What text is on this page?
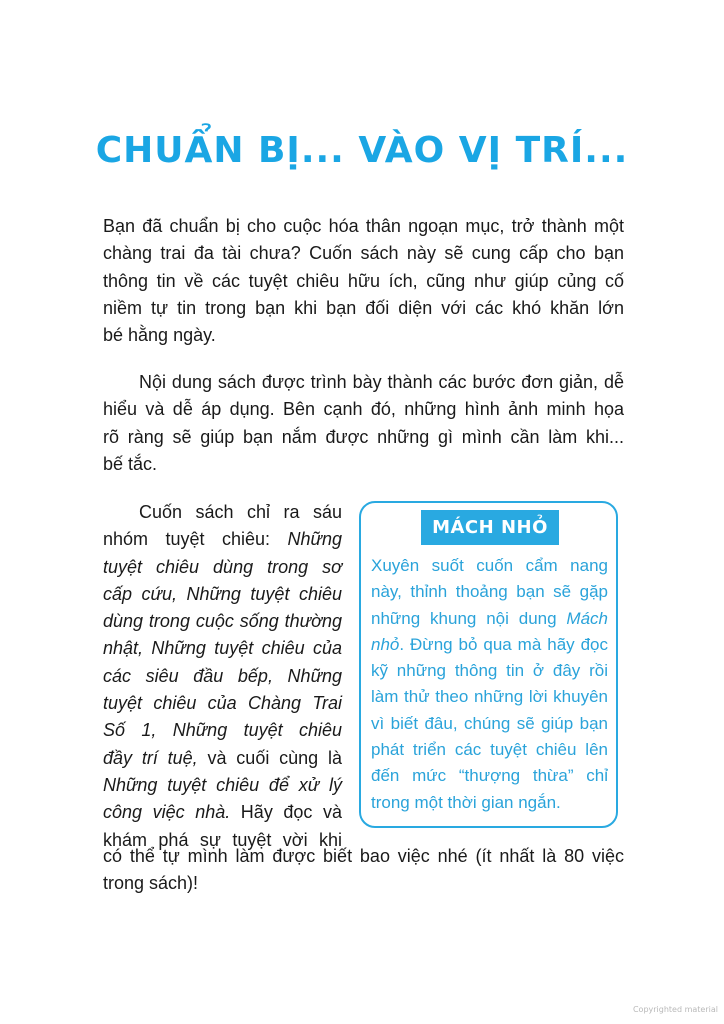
CHUẨN BỊ... VÀO VỊ TRÍ...
Bạn đã chuẩn bị cho cuộc hóa thân ngoạn mục, trở thành một
chàng trai đa tài chưa? Cuốn sách này sẽ cung cấp cho bạn
thông tin về các tuyệt chiêu hữu ích, cũng như giúp củng cố
niềm tự tin trong bạn khi bạn đối diện với các khó khăn lớn
bé hằng ngày.
Nội dung sách được trình bày thành các bước đơn giản, dễ
hiểu và dễ áp dụng. Bên cạnh đó, những hình ảnh minh họa
rõ ràng sẽ giúp bạn nắm được những gì mình cần làm khi...
bế tắc.
Cuốn sách chỉ ra sáu
nhóm tuyệt chiêu: Những
tuyệt chiêu dùng trong sơ
cấp cứu, Những tuyệt chiêu
dùng trong cuộc sống thường
nhật, Những tuyệt chiêu của
các siêu đầu bếp, Những
tuyệt chiêu của Chàng Trai
Số 1, Những tuyệt chiêu
đầy trí tuệ, và cuối cùng là
Những tuyệt chiêu để xử lý
công việc nhà. Hãy đọc và
khám phá sự tuyệt vời khi
có thể tự mình làm được biết bao việc nhé (ít nhất là 80 việc
trong sách)!
MÁCH NHỎ
Xuyên suốt cuốn cẩm nang
này, thỉnh thoảng bạn sẽ gặp
những khung nội dung Mách
nhỏ. Đừng bỏ qua mà hãy đọc
kỹ những thông tin ở đây rồi
làm thử theo những lời khuyên
vì biết đâu, chúng sẽ giúp bạn
phát triển các tuyệt chiêu lên
đến mức “thượng thừa” chỉ
trong một thời gian ngắn.
Copyrighted material
